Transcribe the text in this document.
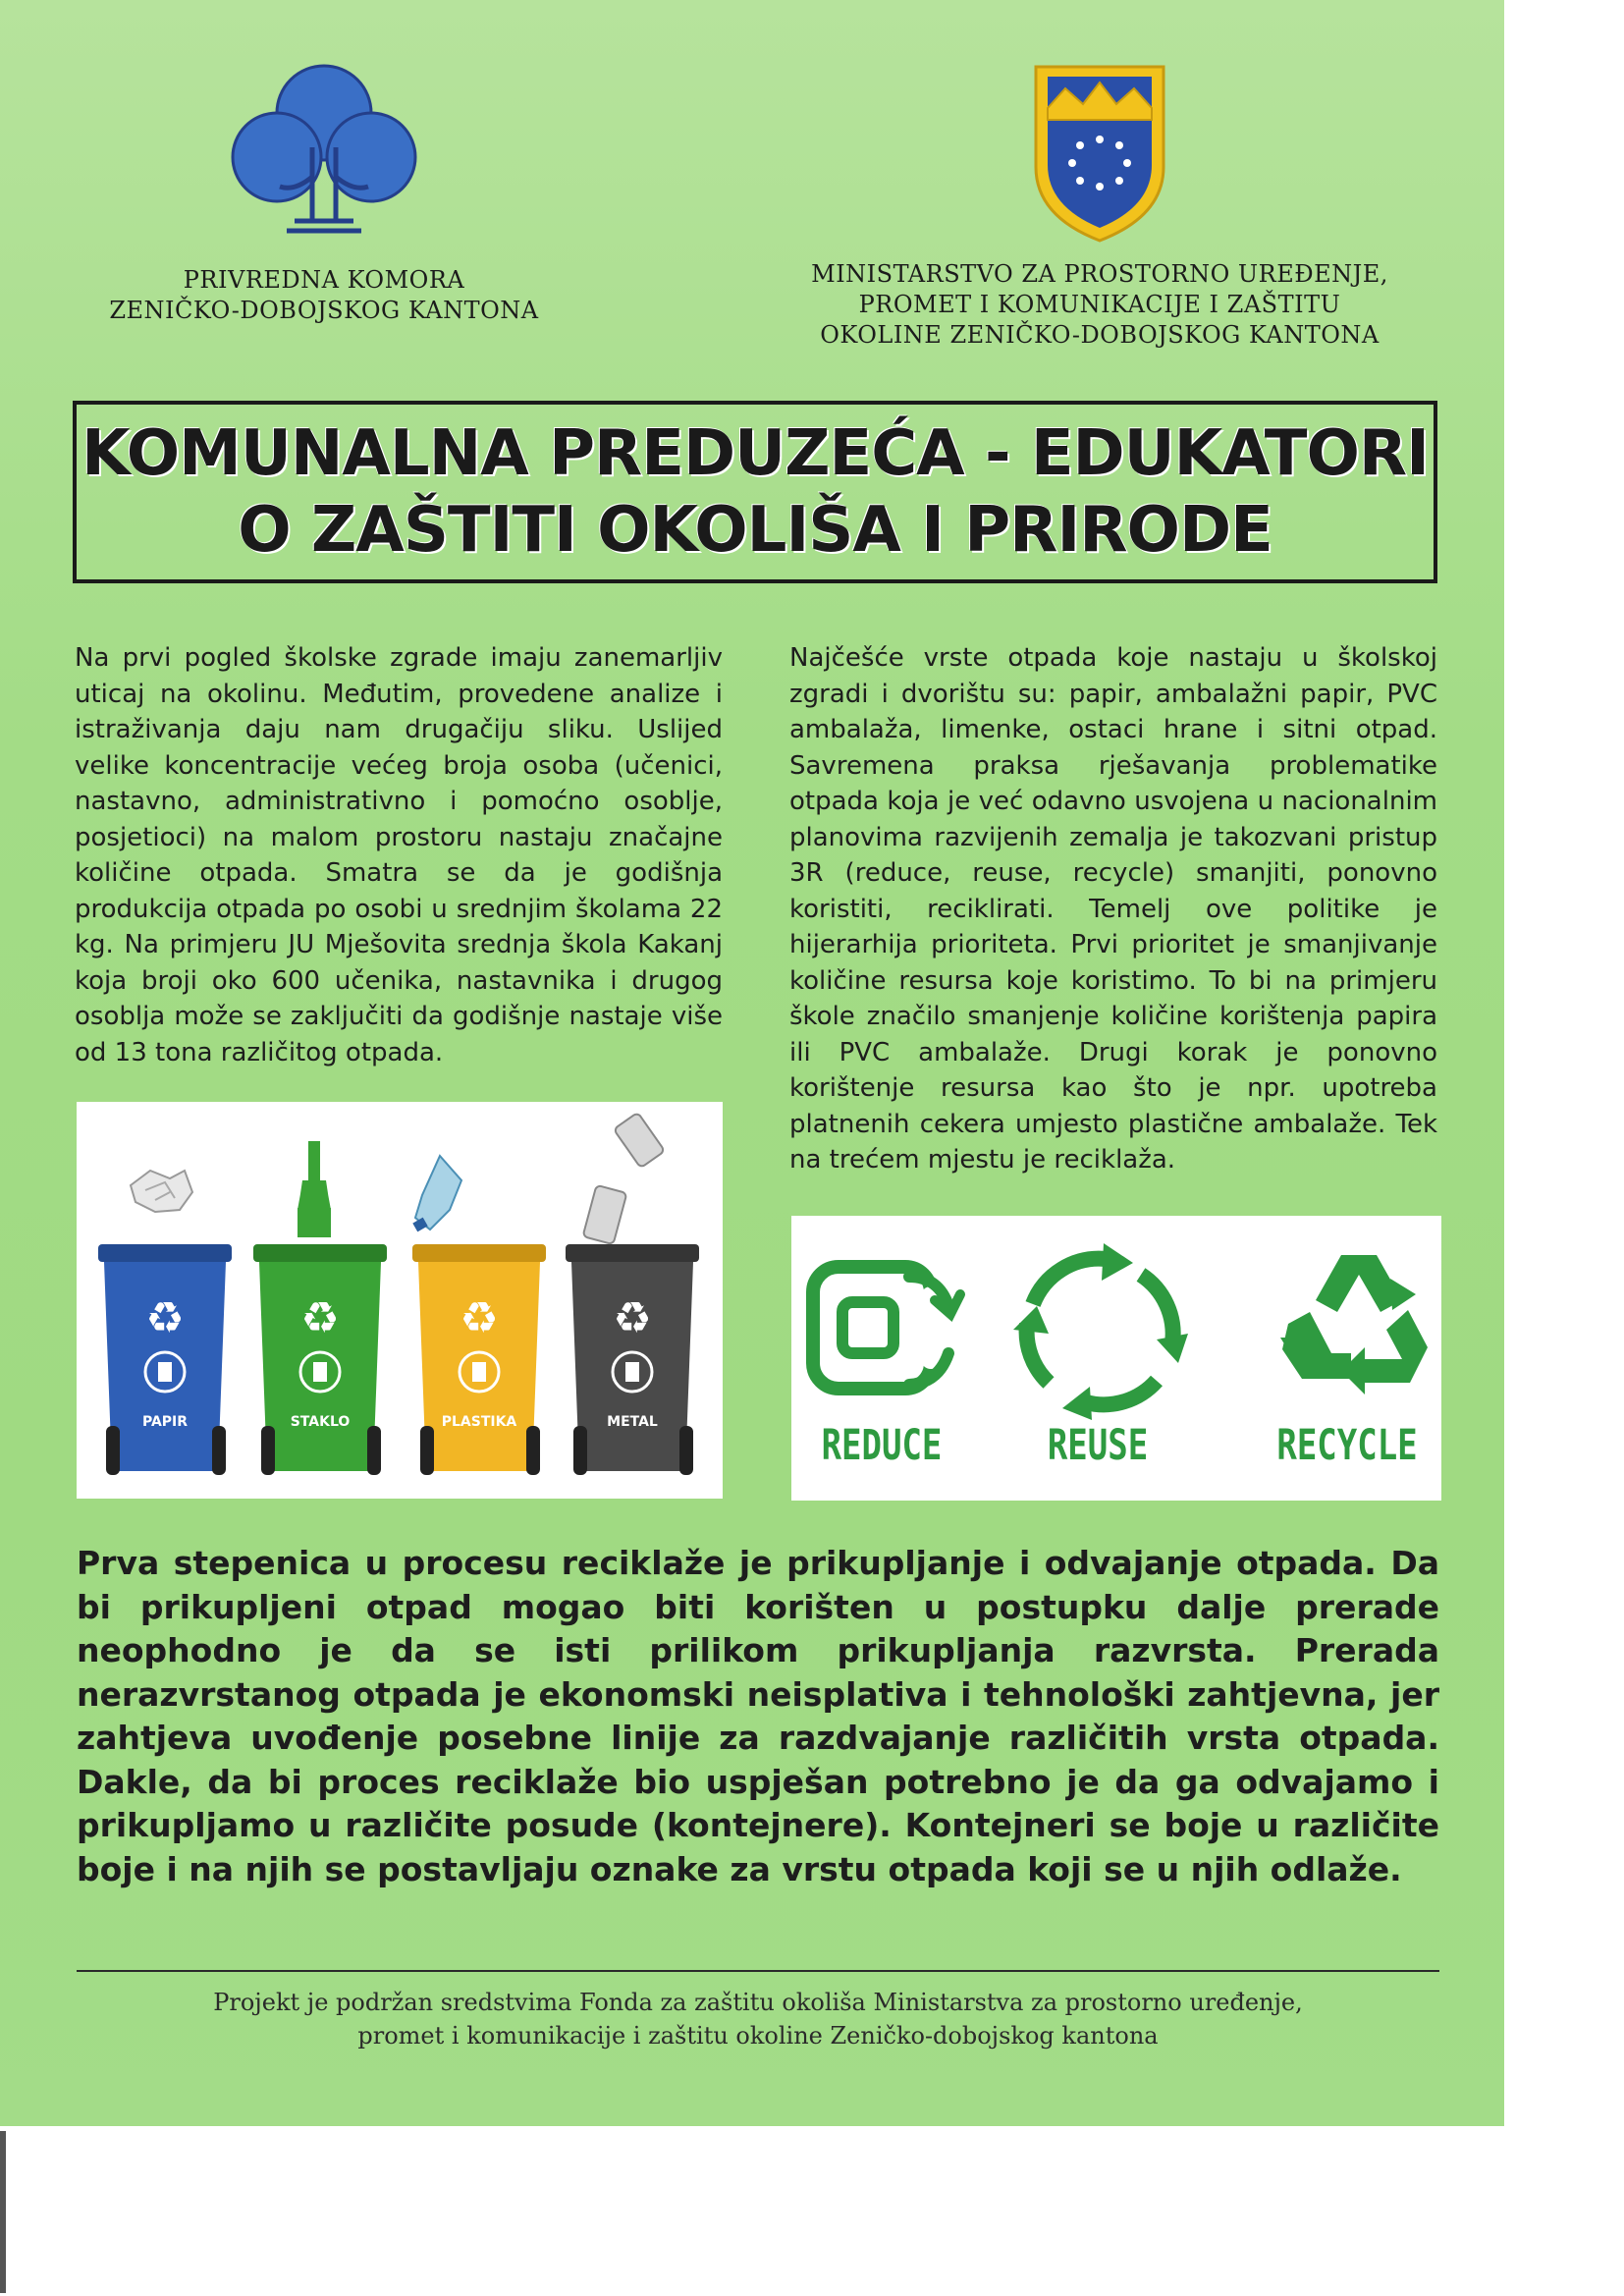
PRIVREDNA KOMORA
ZENIČKO-DOBOJSKOG KANTONA
MINISTARSTVO ZA PROSTORNO UREĐENJE,
PROMET I KOMUNIKACIJE I ZAŠTITU
OKOLINE ZENIČKO-DOBOJSKOG KANTONA
KOMUNALNA PREDUZEĆA - EDUKATORI
O ZAŠTITI OKOLIŠA I PRIRODE
Na prvi pogled školske zgrade imaju zanemarljiv uticaj na okolinu. Međutim, provedene analize i istraživanja daju nam drugačiju sliku. Uslijed velike koncentracije većeg broja osoba (učenici, nastavno, administrativno i pomoćno osoblje, posjetioci) na malom prostoru nastaju značajne količine otpada. Smatra se da je godišnja produkcija otpada po osobi u srednjim školama 22 kg. Na primjeru JU Mješovita srednja škola Kakanj koja broji oko 600 učenika, nastavnika i drugog osoblja može se zaključiti da godišnje nastaje više od 13 tona različitog otpada.
Najčešće vrste otpada koje nastaju u školskoj zgradi i dvorištu su: papir, ambalažni papir, PVC ambalaža, limenke, ostaci hrane i sitni otpad. Savremena praksa rješavanja problematike otpada koja je već odavno usvojena u nacionalnim planovima razvijenih zemalja je takozvani pristup 3R (reduce, reuse, recycle) smanjiti, ponovno koristiti, reciklirati. Temelj ove politike je hijerarhija prioriteta. Prvi prioritet je smanjivanje količine resursa koje koristimo. To bi na primjeru škole značilo smanjenje količine korištenja papira ili PVC ambalaže. Drugi korak je ponovno korištenje resursa kao što je npr. upotreba platnenih cekera umjesto plastične ambalaže. Tek na trećem mjestu je reciklaža.
♻
METAL
♻
PLASTIKA
♻
STAKLO
♻
PAPIR	REDUCE	REUSE	RECYCLE
Prva stepenica u procesu reciklaže je prikupljanje i odvajanje otpada. Da bi prikupljeni otpad mogao biti korišten u postupku dalje prerade neophodno je da se isti prilikom prikupljanja razvrsta. Prerada nerazvrstanog otpada je ekonomski neisplativa i tehnološki zahtjevna, jer zahtjeva uvođenje posebne linije za razdvajanje različitih vrsta otpada. Dakle, da bi proces reciklaže bio uspješan potrebno je da ga odvajamo i prikupljamo u različite posude (kontejnere). Kontejneri se boje u različite boje i na njih se postavljaju oznake za vrstu otpada koji se u njih odlaže.
Projekt je podržan sredstvima Fonda za zaštitu okoliša Ministarstva za prostorno uređenje,
promet i komunikacije i zaštitu okoline Zeničko-dobojskog kantona
